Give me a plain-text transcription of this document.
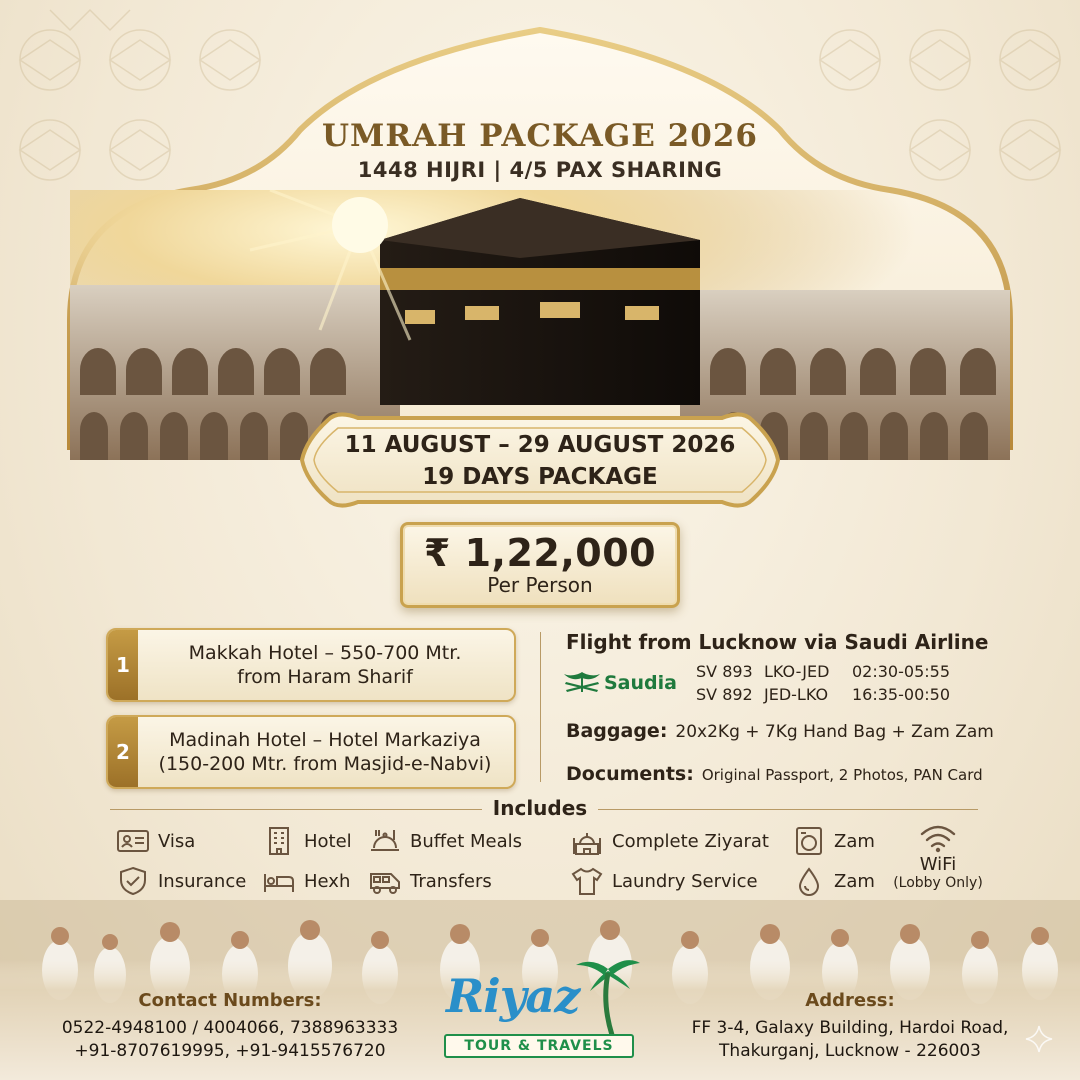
UMRAH PACKAGE 2026
1448 HIJRI | 4/5 PAX SHARING
11 AUGUST – 29 AUGUST 2026
19 DAYS PACKAGE
₹ 1,22,000
Per Person
1	Makkah Hotel – 550-700 Mtr.
from Haram Sharif
2	Madinah Hotel – Hotel Markaziya
(150-200 Mtr. from Masjid-e-Nabvi)
Flight from Lucknow via Saudi Airline
Saudia
SV 893 LKO-JED 02:30-05:55
SV 892 JED-LKO 16:35-00:50
Baggage: 20x2Kg + 7Kg Hand Bag + Zam Zam
Documents: Original Passport, 2 Photos, PAN Card
Includes
Visa	Hotel	Buffet Meals	Complete Ziyarat	Zam
Insurance	Hexh	Transfers	Laundry Service	Zam
WiFi
(Lobby Only)
Contact Numbers:
0522-4948100 / 4004066, 7388963333
+91-8707619995, +91-9415576720
Riyaz
TOUR & TRAVELS
Address:
FF 3-4, Galaxy Building, Hardoi Road,
Thakurganj, Lucknow - 226003
